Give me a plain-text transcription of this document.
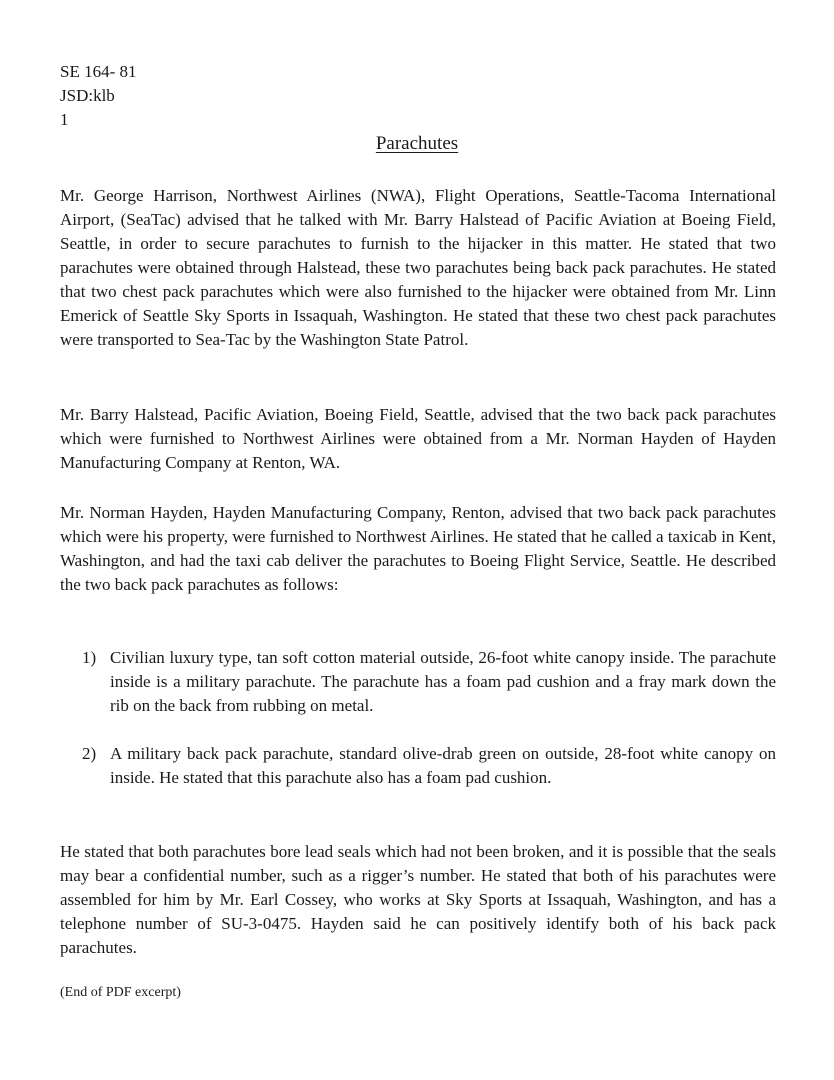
SE 164- 81
JSD:klb
1
Parachutes

Mr. George Harrison, Northwest Airlines (NWA), Flight Operations, Seattle-Tacoma International Airport, (SeaTac) advised that he talked with Mr. Barry Halstead of Pacific Aviation at Boeing Field, Seattle, in order to secure parachutes to furnish to the hijacker in this matter. He stated that two parachutes were obtained through Halstead, these two parachutes being back pack parachutes. He stated that two chest pack parachutes which were also furnished to the hijacker were obtained from Mr. Linn Emerick of Seattle Sky Sports in Issaquah, Washington. He stated that these two chest pack parachutes were transported to Sea-Tac by the Washington State Patrol.

Mr. Barry Halstead, Pacific Aviation, Boeing Field, Seattle, advised that the two back pack parachutes which were furnished to Northwest Airlines were obtained from a Mr. Norman Hayden of Hayden Manufacturing Company at Renton, WA.

Mr. Norman Hayden, Hayden Manufacturing Company, Renton, advised that two back pack parachutes which were his property, were furnished to Northwest Airlines. He stated that he called a taxicab in Kent, Washington, and had the taxi cab deliver the parachutes to Boeing Flight Service, Seattle. He described the two back pack parachutes as follows:

1) Civilian luxury type, tan soft cotton material outside, 26-foot white canopy inside. The parachute inside is a military parachute. The parachute has a foam pad cushion and a fray mark down the rib on the back from rubbing on metal.
2) A military back pack parachute, standard olive-drab green on outside, 28-foot white canopy on inside. He stated that this parachute also has a foam pad cushion.

He stated that both parachutes bore lead seals which had not been broken, and it is possible that the seals may bear a confidential number, such as a rigger’s number. He stated that both of his parachutes were assembled for him by Mr. Earl Cossey, who works at Sky Sports at Issaquah, Washington, and has a telephone number of SU-3-0475. Hayden said he can positively identify both of his back pack parachutes.

(End of PDF excerpt)
